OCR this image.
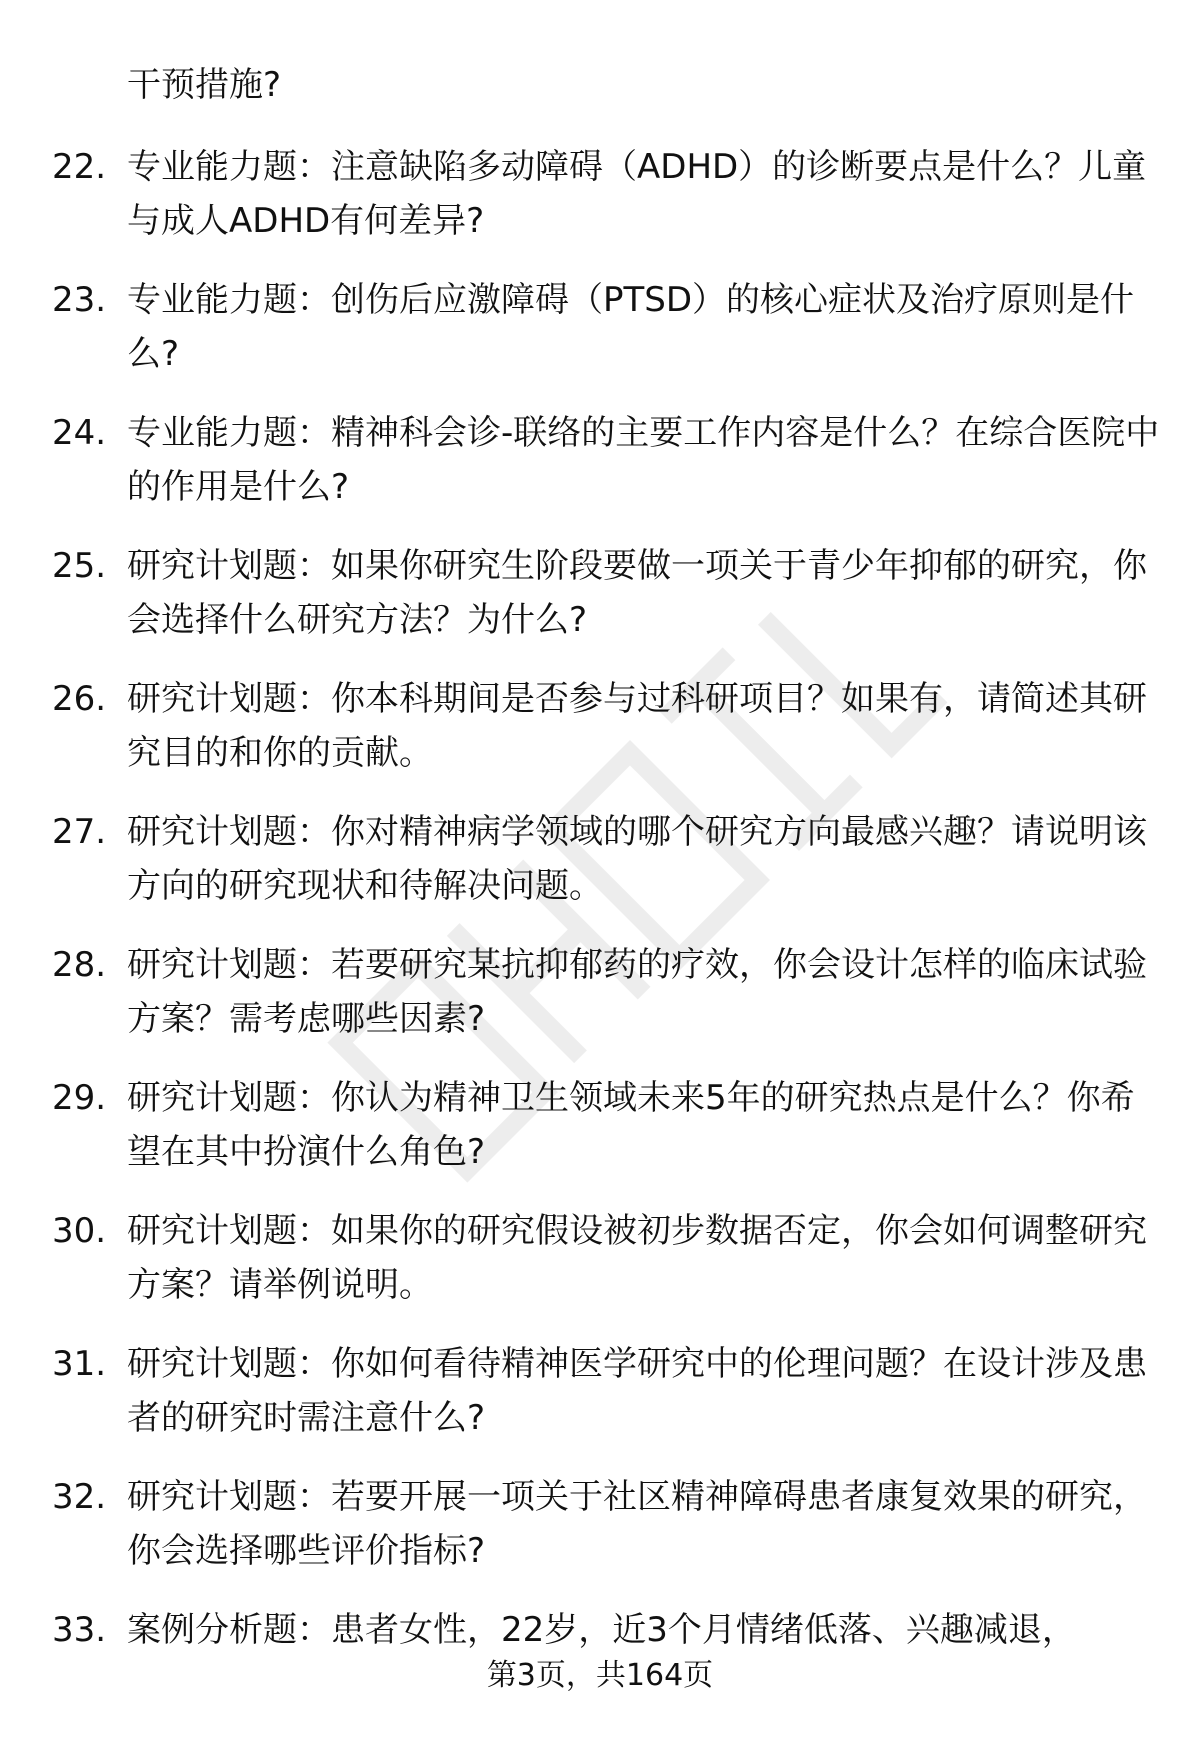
干预措施?
22. 专业能力题：注意缺陷多动障碍（ADHD）的诊断要点是什么？儿童与成人ADHD有何差异?
23. 专业能力题：创伤后应激障碍（PTSD）的核心症状及治疗原则是什么?
24. 专业能力题：精神科会诊-联络的主要工作内容是什么？在综合医院中的作用是什么?
25. 研究计划题：如果你研究生阶段要做一项关于青少年抑郁的研究，你会选择什么研究方法？为什么?
26. 研究计划题：你本科期间是否参与过科研项目？如果有，请简述其研究目的和你的贡献。
27. 研究计划题：你对精神病学领域的哪个研究方向最感兴趣？请说明该方向的研究现状和待解决问题。
28. 研究计划题：若要研究某抗抑郁药的疗效，你会设计怎样的临床试验方案？需考虑哪些因素?
29. 研究计划题：你认为精神卫生领域未来5年的研究热点是什么？你希望在其中扮演什么角色?
30. 研究计划题：如果你的研究假设被初步数据否定，你会如何调整研究方案？请举例说明。
31. 研究计划题：你如何看待精神医学研究中的伦理问题？在设计涉及患者的研究时需注意什么?
32. 研究计划题：若要开展一项关于社区精神障碍患者康复效果的研究，你会选择哪些评价指标?
33. 案例分析题：患者女性，22岁，近3个月情绪低落、兴趣减退，
第3页，共164页
